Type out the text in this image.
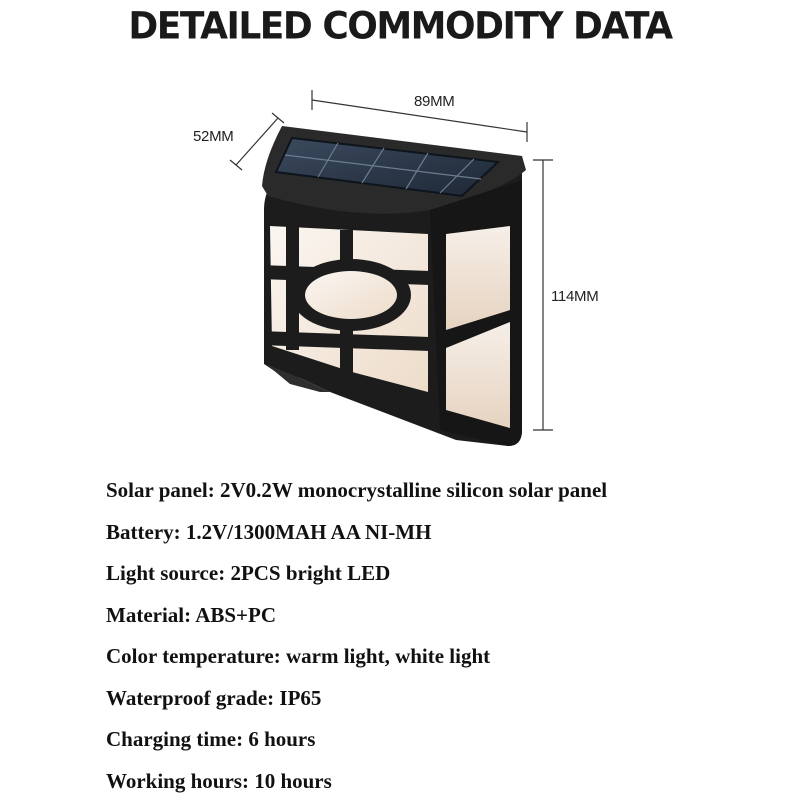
DETAILED COMMODITY DATA
89MM
52MM
114MM
Solar panel: 2V0.2W monocrystalline silicon solar panel
Battery: 1.2V/1300MAH AA NI-MH
Light source: 2PCS bright LED
Material: ABS+PC
Color temperature: warm light, white light
Waterproof grade: IP65
Charging time: 6 hours
Working hours: 10 hours
